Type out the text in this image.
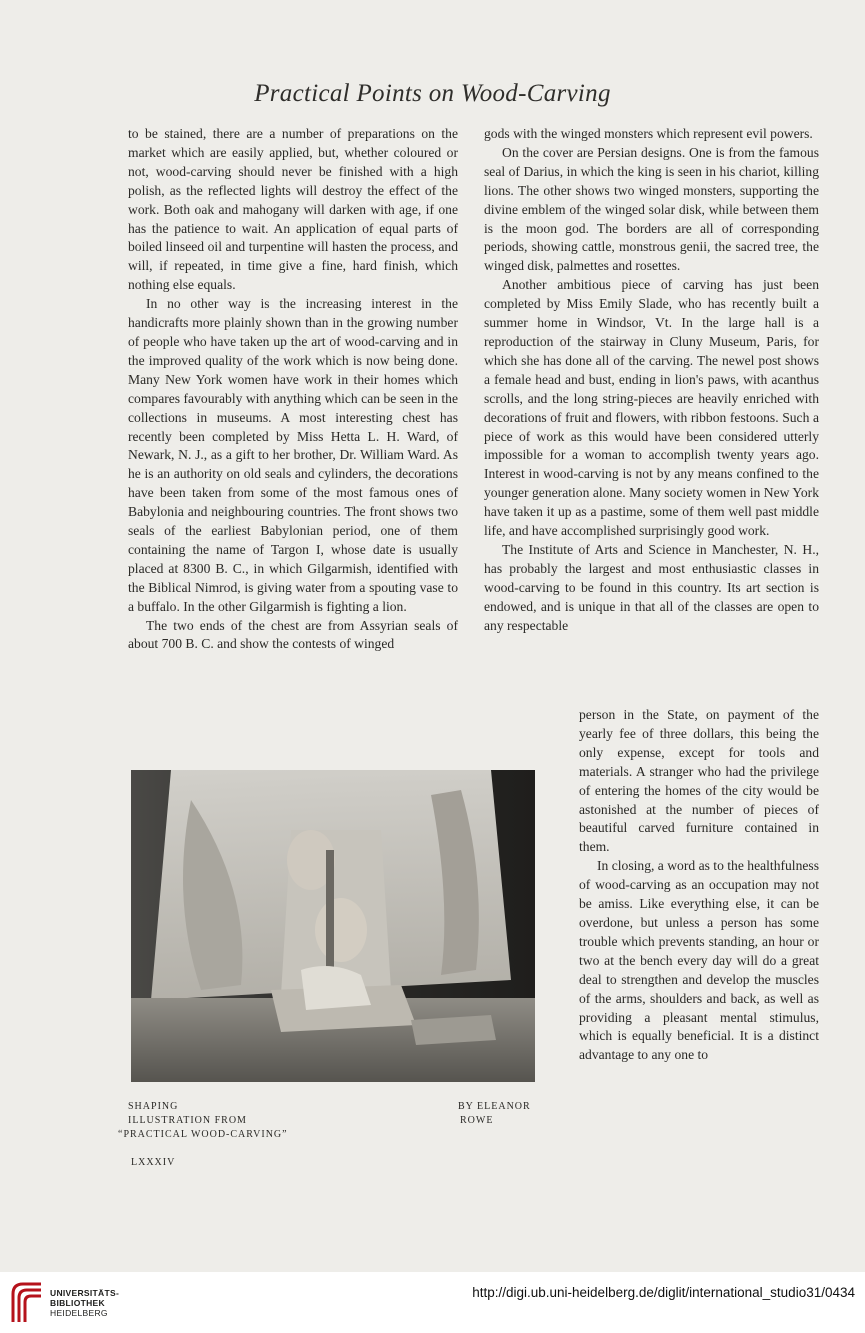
Practical Points on Wood-Carving

to be stained, there are a number of preparations on the market which are easily applied, but, whether coloured or not, wood-carving should never be finished with a high polish, as the reflected lights will destroy the effect of the work. Both oak and mahogany will darken with age, if one has the patience to wait. An application of equal parts of boiled linseed oil and turpentine will hasten the process, and will, if repeated, in time give a fine, hard finish, which nothing else equals.

In no other way is the increasing interest in the handicrafts more plainly shown than in the growing number of people who have taken up the art of wood-carving and in the improved quality of the work which is now being done. Many New York women have work in their homes which compares favourably with anything which can be seen in the collections in museums. A most interesting chest has recently been completed by Miss Hetta L. H. Ward, of Newark, N. J., as a gift to her brother, Dr. William Ward. As he is an authority on old seals and cylinders, the decorations have been taken from some of the most famous ones of Babylonia and neighbouring countries. The front shows two seals of the earliest Babylonian period, one of them containing the name of Targon I, whose date is usually placed at 8300 B. C., in which Gilgarmish, identified with the Biblical Nimrod, is giving water from a spouting vase to a buffalo. In the other Gilgarmish is fighting a lion.

The two ends of the chest are from Assyrian seals of about 700 B. C. and show the contests of winged

gods with the winged monsters which represent evil powers.

On the cover are Persian designs. One is from the famous seal of Darius, in which the king is seen in his chariot, killing lions. The other shows two winged monsters, supporting the divine emblem of the winged solar disk, while between them is the moon god. The borders are all of corresponding periods, showing cattle, monstrous genii, the sacred tree, the winged disk, palmettes and rosettes.

Another ambitious piece of carving has just been completed by Miss Emily Slade, who has recently built a summer home in Windsor, Vt. In the large hall is a reproduction of the stairway in Cluny Museum, Paris, for which she has done all of the carving. The newel post shows a female head and bust, ending in lion's paws, with acanthus scrolls, and the long string-pieces are heavily enriched with decorations of fruit and flowers, with ribbon festoons. Such a piece of work as this would have been considered utterly impossible for a woman to accomplish twenty years ago. Interest in wood-carving is not by any means confined to the younger generation alone. Many society women in New York have taken it up as a pastime, some of them well past middle life, and have accomplished surprisingly good work.

The Institute of Arts and Science in Manchester, N. H., has probably the largest and most enthusiastic classes in wood-carving to be found in this country. Its art section is endowed, and is unique in that all of the classes are open to any respectable

person in the State, on payment of the yearly fee of three dollars, this being the only expense, except for tools and materials. A stranger who had the privilege of entering the homes of the city would be astonished at the number of pieces of beautiful carved furniture contained in them.

In closing, a word as to the healthfulness of wood-carving as an occupation may not be amiss. Like everything else, it can be overdone, but unless a person has some trouble which prevents standing, an hour or two at the bench every day will do a great deal to strengthen and develop the muscles of the arms, shoulders and back, as well as providing a pleasant mental stimulus, which is equally beneficial. It is a distinct advantage to any one to

SHAPING
ILLUSTRATION FROM
“PRACTICAL WOOD-CARVING”
BY ELEANOR
ROWE
LXXXIV
UNIVERSITÄTS-
BIBLIOTHEK
HEIDELBERG
http://digi.ub.uni-heidelberg.de/diglit/international_studio31/0434
